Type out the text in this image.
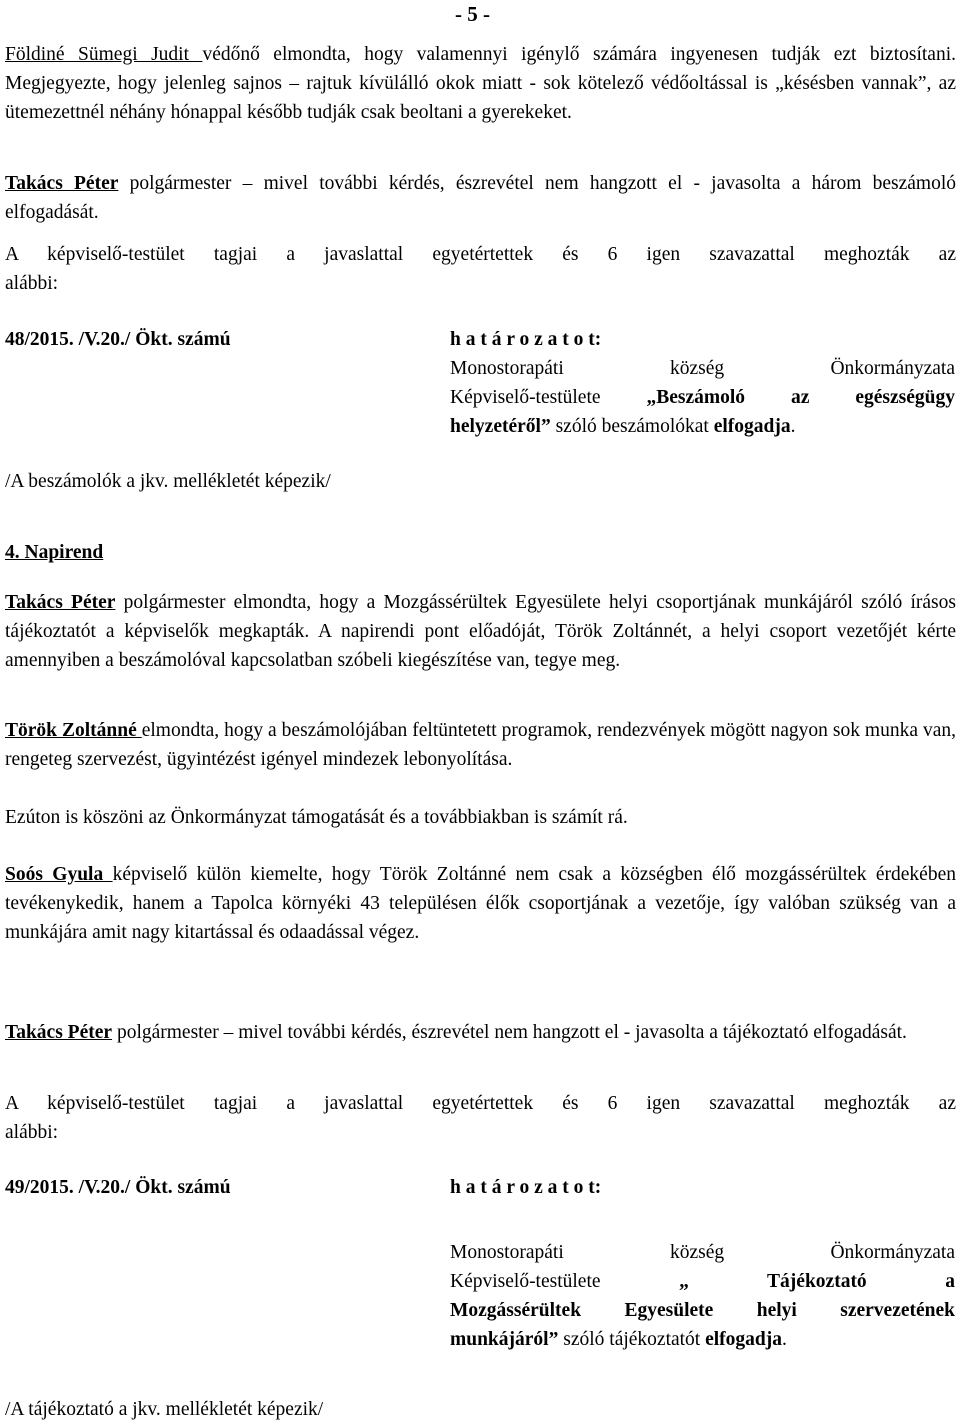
- 5 -
Földiné Sümegi Judit védőnő elmondta, hogy valamennyi igénylő számára ingyenesen tudják ezt biztosítani. Megjegyezte, hogy jelenleg sajnos – rajtuk kívülálló okok miatt - sok kötelező védőoltással is „késésben vannak”, az ütemezettnél néhány hónappal később tudják csak beoltani a gyerekeket.
Takács Péter polgármester – mivel további kérdés, észrevétel nem hangzott el - javasolta a három beszámoló elfogadását.
A képviselő-testület tagjai a javaslattal egyetértettek és 6 igen szavazattal meghozták az
alábbi:
48/2015. /V.20./ Ökt. számú	h a t á r o z a t o t:
Monostorapáti község Önkormányzata
Képviselő-testülete „Beszámoló az egészségügy
helyzetéről” szóló beszámolókat elfogadja.
/A beszámolók a jkv. mellékletét képezik/
4. Napirend
Takács Péter polgármester elmondta, hogy a Mozgássérültek Egyesülete helyi csoportjának munkájáról szóló írásos tájékoztatót a képviselők megkapták. A napirendi pont előadóját, Török Zoltánnét, a helyi csoport vezetőjét kérte amennyiben a beszámolóval kapcsolatban szóbeli kiegészítése van, tegye meg.
Török Zoltánné elmondta, hogy a beszámolójában feltüntetett programok, rendezvények mögött nagyon sok munka van, rengeteg szervezést, ügyintézést igényel mindezek lebonyolítása.
Ezúton is köszöni az Önkormányzat támogatását és a továbbiakban is számít rá.
Soós Gyula képviselő külön kiemelte, hogy Török Zoltánné nem csak a községben élő mozgássérültek érdekében tevékenykedik, hanem a Tapolca környéki 43 településen élők csoportjának a vezetője, így valóban szükség van a munkájára amit nagy kitartással és odaadással végez.
Takács Péter polgármester – mivel további kérdés, észrevétel nem hangzott el - javasolta a tájékoztató elfogadását.
A képviselő-testület tagjai a javaslattal egyetértettek és 6 igen szavazattal meghozták az
alábbi:
49/2015. /V.20./ Ökt. számú	h a t á r o z a t o t:
Monostorapáti község Önkormányzata
Képviselő-testülete „ Tájékoztató a
Mozgássérültek Egyesülete helyi szervezetének
munkájáról” szóló tájékoztatót elfogadja.
/A tájékoztató a jkv. mellékletét képezik/
